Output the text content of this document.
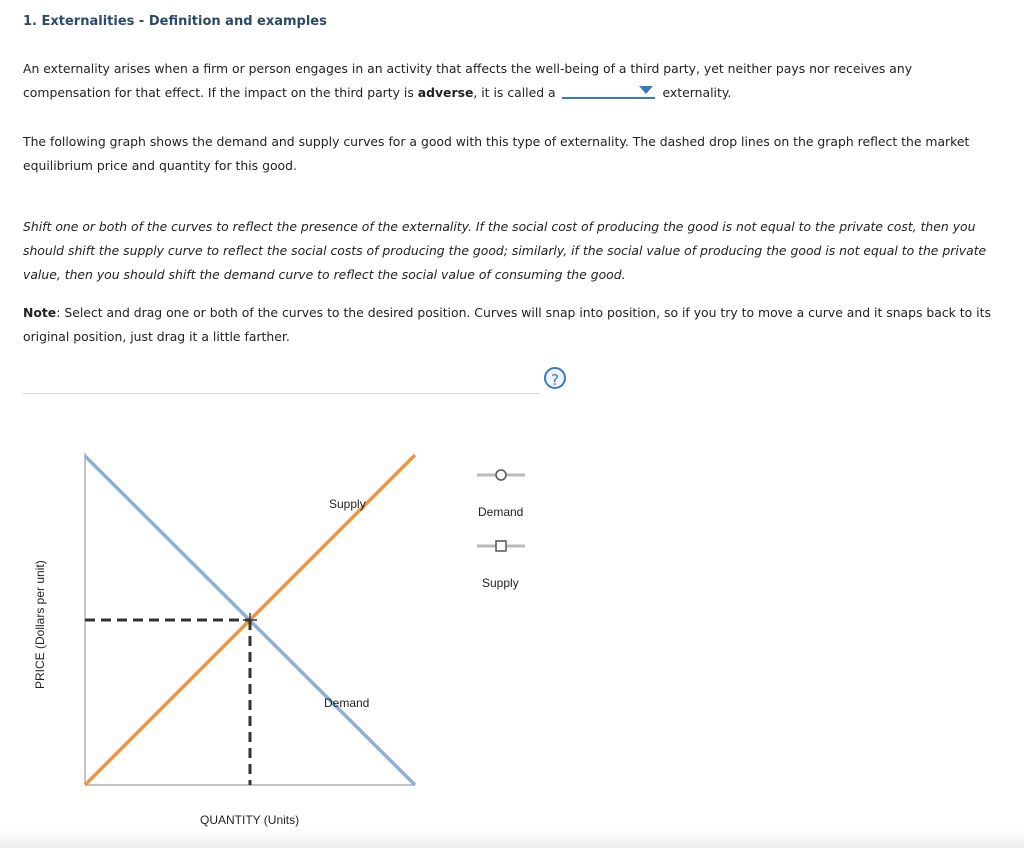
1. Externalities - Definition and examples
An externality arises when a firm or person engages in an activity that affects the well-being of a third party, yet neither pays nor receives any compensation for that effect. If the impact on the third party is adverse, it is called a	externality.
The following graph shows the demand and supply curves for a good with this type of externality. The dashed drop lines on the graph reflect the market equilibrium price and quantity for this good.
Shift one or both of the curves to reflect the presence of the externality. If the social cost of producing the good is not equal to the private cost, then you should shift the supply curve to reflect the social costs of producing the good; similarly, if the social value of producing the good is not equal to the private value, then you should shift the demand curve to reflect the social value of consuming the good.
Note: Select and drag one or both of the curves to the desired position. Curves will snap into position, so if you try to move a curve and it snaps back to its original position, just drag it a little farther.
?
Supply
Demand
QUANTITY (Units)
PRICE (Dollars per unit)
Demand
Supply
